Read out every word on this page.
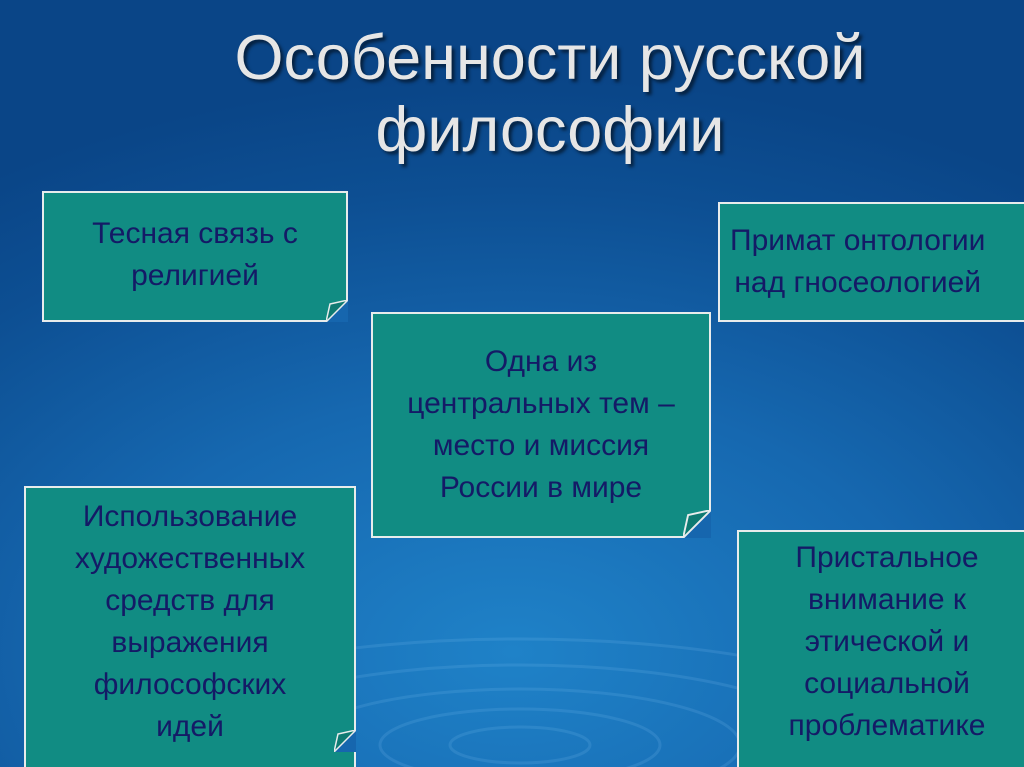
Особенности русской
философии
Тесная связь с
религией
Примат онтологии
над гносеологией
Одна из
центральных тем –
место и миссия
России в мире
Использование
художественных
средств для
выражения
философских
идей
Пристальное
внимание к
этической и
социальной
проблематике
